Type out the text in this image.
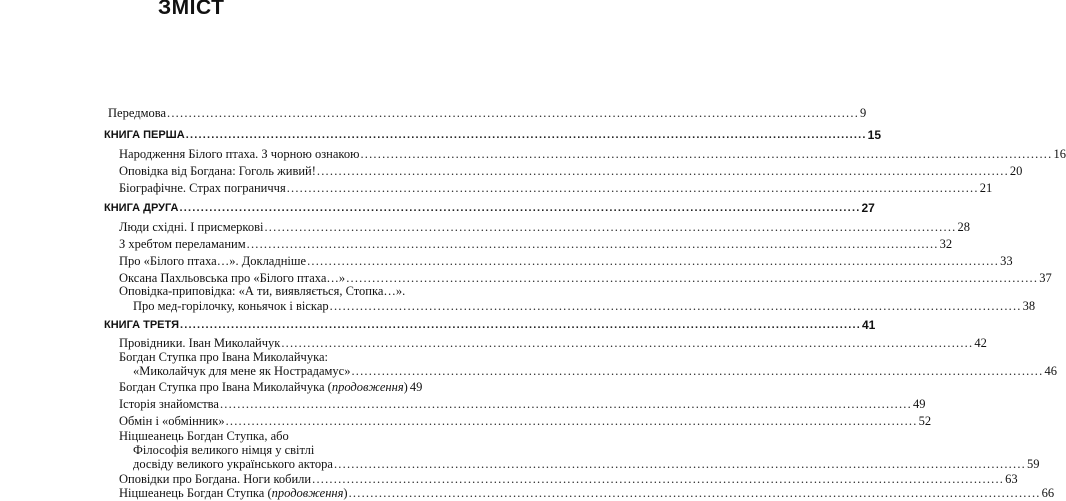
ЗМІСТ
Передмова ................................................................................................................................................................ 9
КНИГА ПЕРША ................................................................................................................................................................ 15
Народження Білого птаха. З чорною ознакою ................................................................................................................................................................ 16
Оповідка від Богдана: Гоголь живий! ................................................................................................................................................................ 20
Біографічне. Страх пограниччя ................................................................................................................................................................ 21
КНИГА ДРУГА ................................................................................................................................................................ 27
Люди східні. І присмеркові ................................................................................................................................................................ 28
З хребтом переламаним ................................................................................................................................................................ 32
Про «Білого птаха…». Докладніше ................................................................................................................................................................ 33
Оксана Пахльовська про «Білого птаха…» ................................................................................................................................................................ 37
Оповідка-приповідка: «А ти, виявляється, Стопка…».
Про мед-горілочку, коньячок і віскар ................................................................................................................................................................ 38
КНИГА ТРЕТЯ ................................................................................................................................................................ 41
Провідники. Іван Миколайчук ................................................................................................................................................................ 42
Богдан Ступка про Івана Миколайчука:
«Миколайчук для мене як Нострадамус» ................................................................................................................................................................ 46
Богдан Ступка про Івана Миколайчука (продовження) 49
Історія знайомства ................................................................................................................................................................ 49
Обмін і «обмінник» ................................................................................................................................................................ 52
Ніцшеанець Богдан Ступка, або
Філософія великого німця у світлі
досвіду великого українського актора ................................................................................................................................................................ 59
Оповідки про Богдана. Ноги кобили ................................................................................................................................................................ 63
Ніцшеанець Богдан Ступка (продовження) ................................................................................................................................................................ 66
